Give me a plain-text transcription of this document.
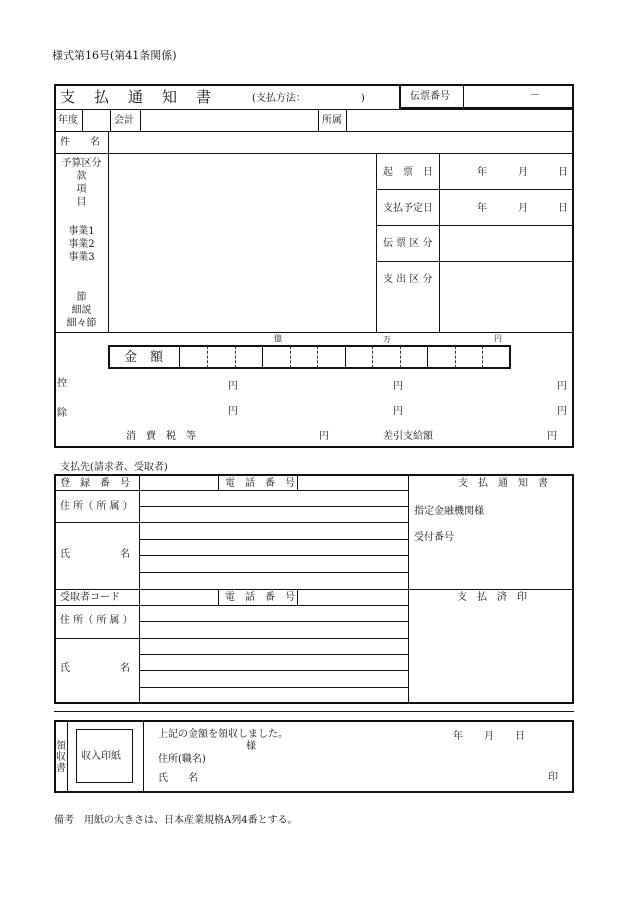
様式第16号(第41条関係)
支　払　通　知　書	(支払方法：　　　　　　)	伝票番号	－
年度	会計	所属
件　　名
予算区分
款
項
目
事業1
事業2
事業3
節
細説
細々節
起　票　日	年	月	日
支払予定日	年	月	日
伝 票 区 分
支 出 区 分
億	万	円
金　額
控
除
円	円	円
円	円	円
消　費　税　等	円	差引支給額	円
支払先(請求者、受取者)
登　録　番　号	電　話　番　号
住 所（ 所 属 ）
氏　　　　　名
支　払　通　知　書
指定金融機関様
受付番号
受取者コード	電　話　番　号	支　払　済　印
住 所（ 所 属 ）
氏　　　　　名
領
収
書
収入印紙
上記の金額を領収しました。
様
住所(職名)
氏　　名
年 月 日
印
備考　用紙の大きさは、日本産業規格A列4番とする。
